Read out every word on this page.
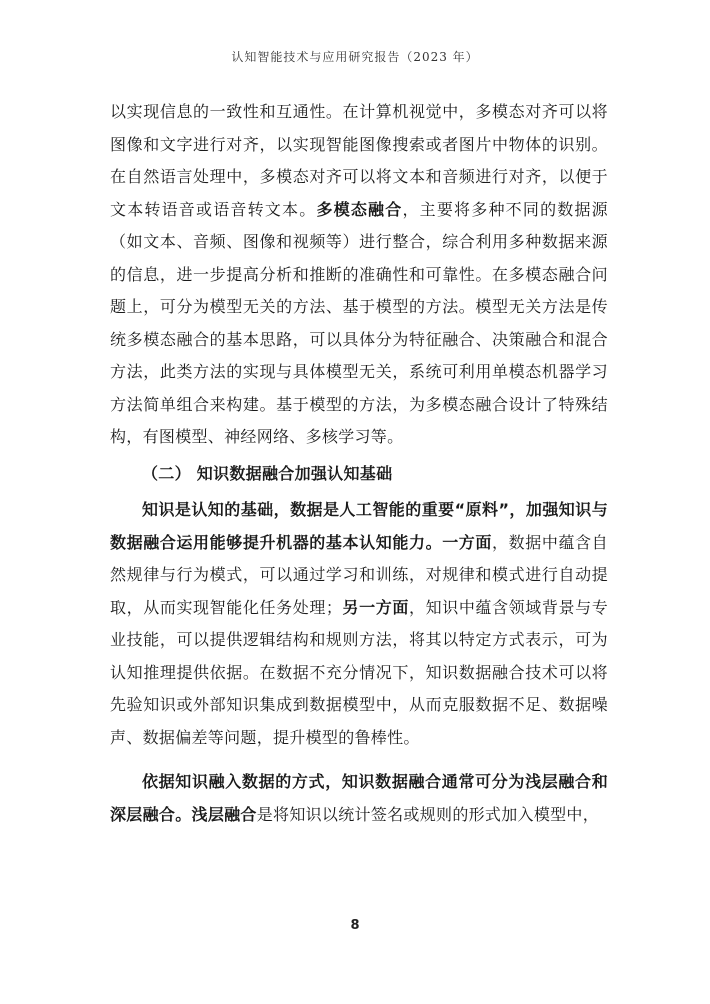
认知智能技术与应用研究报告（2023 年）

以实现信息的一致性和互通性。在计算机视觉中，多模态对齐可以将图像和文字进行对齐，以实现智能图像搜索或者图片中物体的识别。在自然语言处理中，多模态对齐可以将文本和音频进行对齐，以便于文本转语音或语音转文本。多模态融合，主要将多种不同的数据源（如文本、音频、图像和视频等）进行整合，综合利用多种数据来源的信息，进一步提高分析和推断的准确性和可靠性。在多模态融合问题上，可分为模型无关的方法、基于模型的方法。模型无关方法是传统多模态融合的基本思路，可以具体分为特征融合、决策融合和混合方法，此类方法的实现与具体模型无关，系统可利用单模态机器学习方法简单组合来构建。基于模型的方法，为多模态融合设计了特殊结构，有图模型、神经网络、多核学习等。

（二） 知识数据融合加强认知基础

知识是认知的基础，数据是人工智能的重要“原料”，加强知识与数据融合运用能够提升机器的基本认知能力。一方面，数据中蕴含自然规律与行为模式，可以通过学习和训练，对规律和模式进行自动提取，从而实现智能化任务处理；另一方面，知识中蕴含领域背景与专业技能，可以提供逻辑结构和规则方法，将其以特定方式表示，可为认知推理提供依据。在数据不充分情况下，知识数据融合技术可以将先验知识或外部知识集成到数据模型中，从而克服数据不足、数据噪声、数据偏差等问题，提升模型的鲁棒性。

依据知识融入数据的方式，知识数据融合通常可分为浅层融合和深层融合。浅层融合是将知识以统计签名或规则的形式加入模型中，

8
